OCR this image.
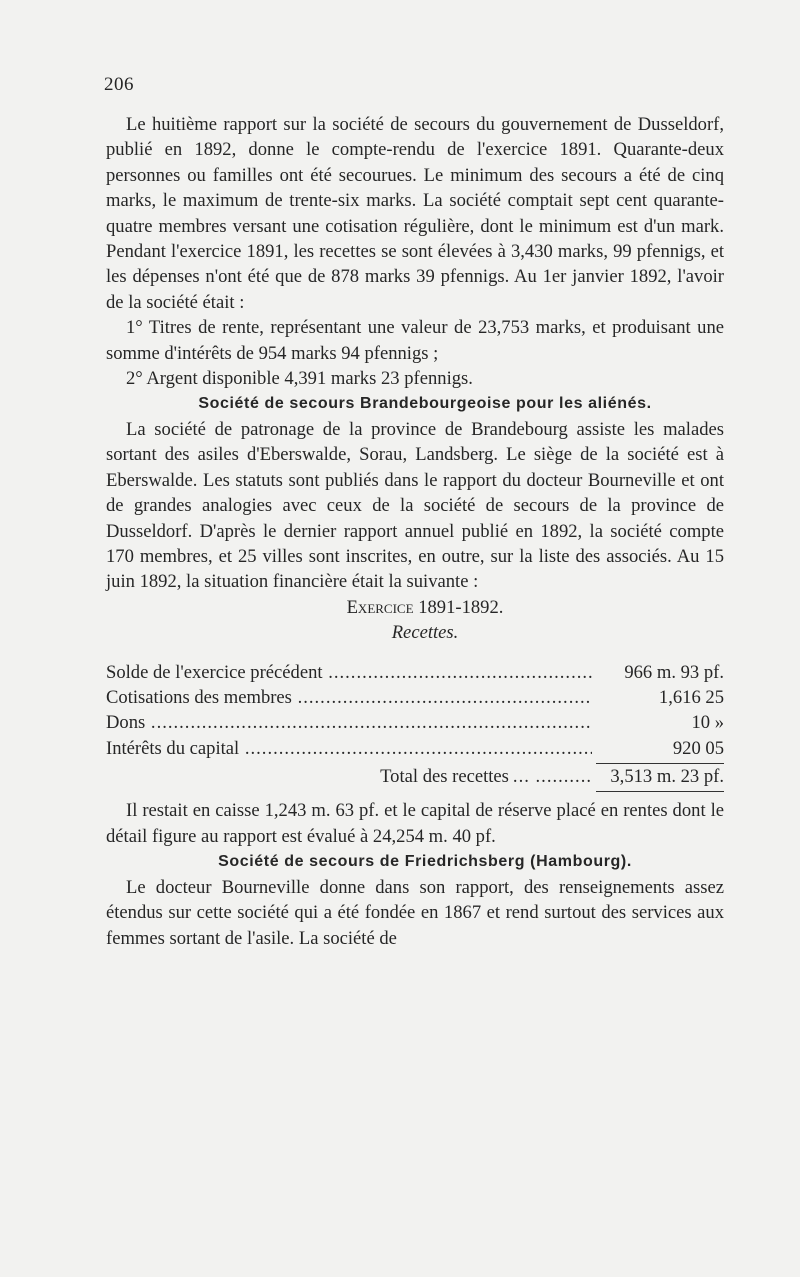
206

Le huitième rapport sur la société de secours du gouvernement de Dusseldorf, publié en 1892, donne le compte-rendu de l'exercice 1891. Quarante-deux personnes ou familles ont été secourues. Le minimum des secours a été de cinq marks, le maximum de trente-six marks. La société comptait sept cent quarante-quatre membres versant une cotisation régulière, dont le minimum est d'un mark. Pendant l'exercice 1891, les recettes se sont élevées à 3,430 marks, 99 pfennigs, et les dépenses n'ont été que de 878 marks 39 pfennigs. Au 1er janvier 1892, l'avoir de la société était :

1° Titres de rente, représentant une valeur de 23,753 marks, et produisant une somme d'intérêts de 954 marks 94 pfennigs ;

2° Argent disponible 4,391 marks 23 pfennigs.

Société de secours Brandebourgeoise pour les aliénés.

La société de patronage de la province de Brandebourg assiste les malades sortant des asiles d'Eberswalde, Sorau, Landsberg. Le siège de la société est à Eberswalde. Les statuts sont publiés dans le rapport du docteur Bourneville et ont de grandes analogies avec ceux de la société de secours de la province de Dusseldorf. D'après le dernier rapport annuel publié en 1892, la société compte 170 membres, et 25 villes sont inscrites, en outre, sur la liste des associés. Au 15 juin 1892, la situation financière était la suivante :

Exercice 1891-1892.

Recettes.

Solde de l'exercice précédent .....	966 m. 93 pf.
Cotisations des membres .....	1,616 25
Dons .....	10 »
Intérêts du capital .....	920 05
Total des recettes ... .......... 3,513 m. 23 pf.

Il restait en caisse 1,243 m. 63 pf. et le capital de réserve placé en rentes dont le détail figure au rapport est évalué à 24,254 m. 40 pf.

Société de secours de Friedrichsberg (Hambourg).

Le docteur Bourneville donne dans son rapport, des renseignements assez étendus sur cette société qui a été fondée en 1867 et rend surtout des services aux femmes sortant de l'asile. La société de
